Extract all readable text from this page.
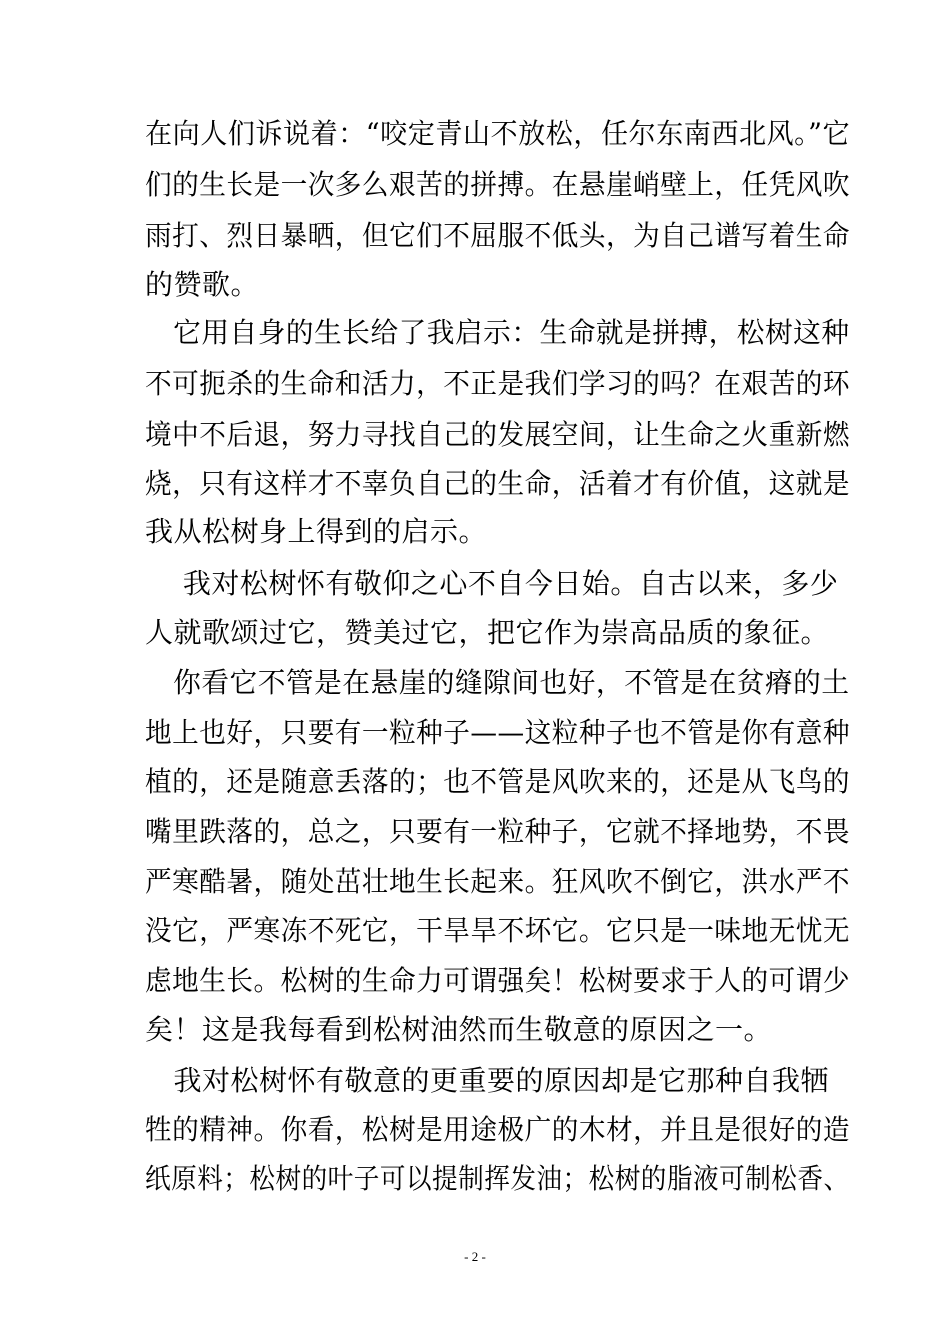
在向人们诉说着：“咬定青山不放松，任尔东南西北风。”它
们的生长是一次多么艰苦的拼搏。在悬崖峭壁上，任凭风吹
雨打、烈日暴晒，但它们不屈服不低头，为自己谱写着生命
的赞歌。
　它用自身的生长给了我启示：生命就是拼搏，松树这种
不可扼杀的生命和活力，不正是我们学习的吗？在艰苦的环
境中不后退，努力寻找自己的发展空间，让生命之火重新燃
烧，只有这样才不辜负自己的生命，活着才有价值，这就是
我从松树身上得到的启示。
　 我对松树怀有敬仰之心不自今日始。自古以来，多少
人就歌颂过它，赞美过它，把它作为崇高品质的象征。
　你看它不管是在悬崖的缝隙间也好，不管是在贫瘠的土
地上也好，只要有一粒种子——这粒种子也不管是你有意种
植的，还是随意丢落的；也不管是风吹来的，还是从飞鸟的
嘴里跌落的，总之，只要有一粒种子，它就不择地势，不畏
严寒酷暑，随处茁壮地生长起来。狂风吹不倒它，洪水严不
没它，严寒冻不死它，干旱旱不坏它。它只是一味地无忧无
虑地生长。松树的生命力可谓强矣！松树要求于人的可谓少
矣！这是我每看到松树油然而生敬意的原因之一。
　我对松树怀有敬意的更重要的原因却是它那种自我牺
牲的精神。你看，松树是用途极广的木材，并且是很好的造
纸原料；松树的叶子可以提制挥发油；松树的脂液可制松香、
- 2 -
